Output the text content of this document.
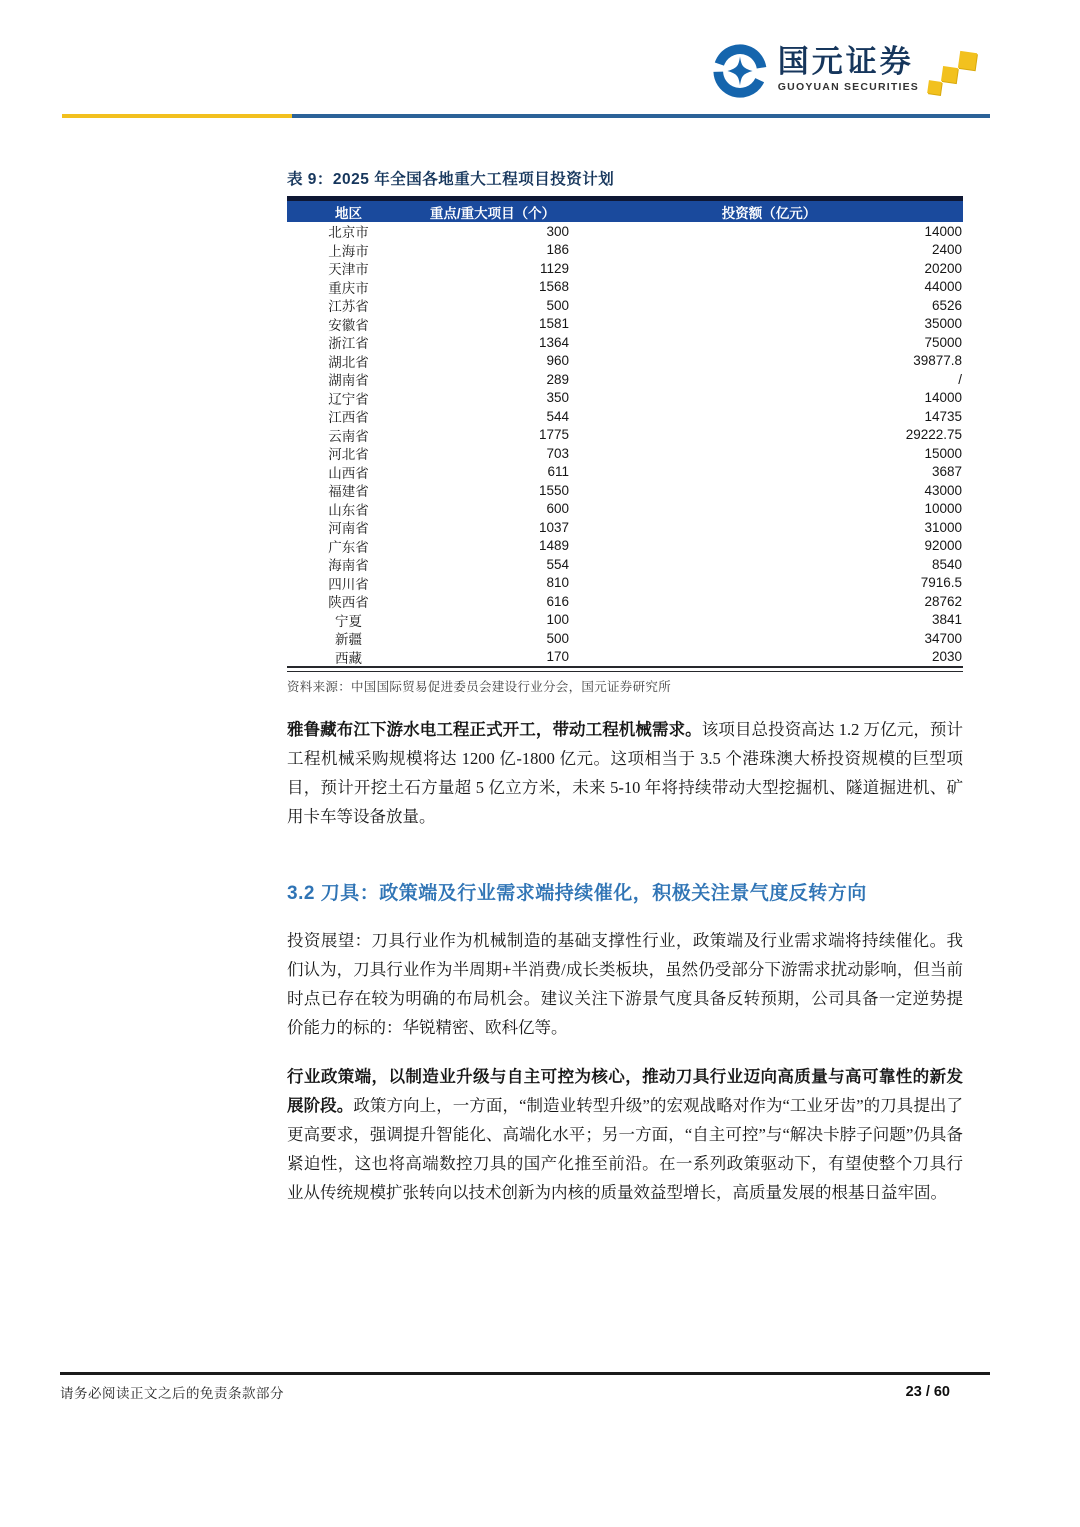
国元证券
GUOYUAN SECURITIES
表 9：2025 年全国各地重大工程项目投资计划
地区	重点/重大项目（个）	投资额（亿元）
北京市	300	14000
上海市	186	2400
天津市	1129	20200
重庆市	1568	44000
江苏省	500	6526
安徽省	1581	35000
浙江省	1364	75000
湖北省	960	39877.8
湖南省	289	/
辽宁省	350	14000
江西省	544	14735
云南省	1775	29222.75
河北省	703	15000
山西省	611	3687
福建省	1550	43000
山东省	600	10000
河南省	1037	31000
广东省	1489	92000
海南省	554	8540
四川省	810	7916.5
陕西省	616	28762
宁夏	100	3841
新疆	500	34700
西藏	170	2030
资料来源：中国国际贸易促进委员会建设行业分会，国元证券研究所

雅鲁藏布江下游水电工程正式开工，带动工程机械需求。该项目总投资高达 1.2 万亿元，预计工程机械采购规模将达 1200 亿-1800 亿元。这项相当于 3.5 个港珠澳大桥投资规模的巨型项目，预计开挖土石方量超 5 亿立方米，未来 5-10 年将持续带动大型挖掘机、隧道掘进机、矿用卡车等设备放量。

3.2 刀具：政策端及行业需求端持续催化，积极关注景气度反转方向

投资展望：刀具行业作为机械制造的基础支撑性行业，政策端及行业需求端将持续催化。我们认为，刀具行业作为半周期+半消费/成长类板块，虽然仍受部分下游需求扰动影响，但当前时点已存在较为明确的布局机会。建议关注下游景气度具备反转预期，公司具备一定逆势提价能力的标的：华锐精密、欧科亿等。

行业政策端，以制造业升级与自主可控为核心，推动刀具行业迈向高质量与高可靠性的新发展阶段。政策方向上，一方面，“制造业转型升级”的宏观战略对作为“工业牙齿”的刀具提出了更高要求，强调提升智能化、高端化水平；另一方面，“自主可控”与“解决卡脖子问题”仍具备紧迫性，这也将高端数控刀具的国产化推至前沿。在一系列政策驱动下，有望使整个刀具行业从传统规模扩张转向以技术创新为内核的质量效益型增长，高质量发展的根基日益牢固。

请务必阅读正文之后的免责条款部分	23 / 60
